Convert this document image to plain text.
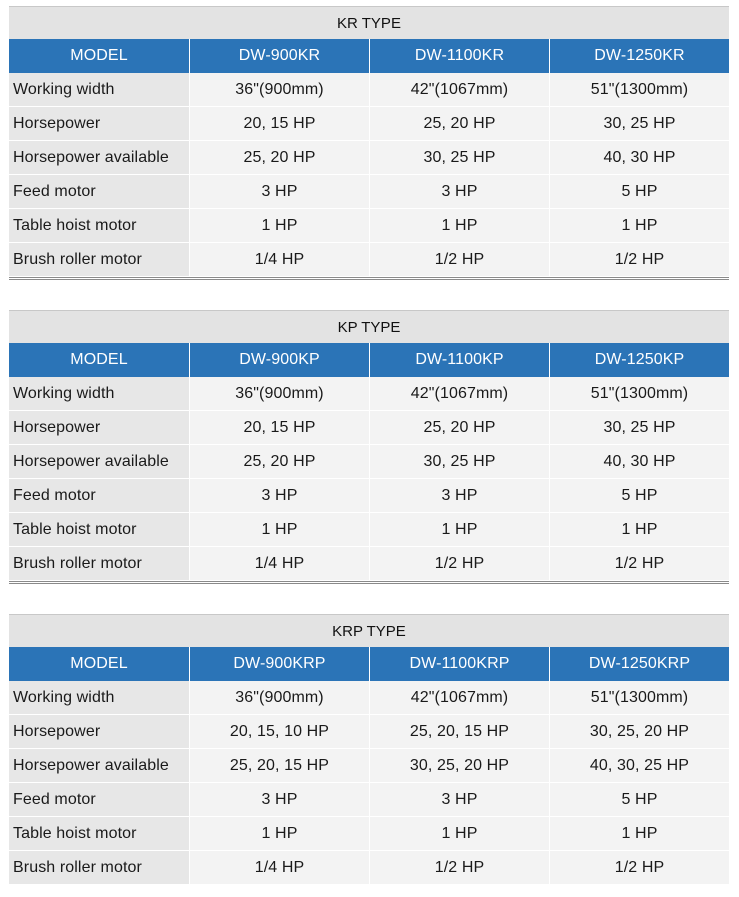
KR TYPE
MODEL	DW-900KR	DW-1100KR	DW-1250KR
Working width	36"(900mm)	42"(1067mm)	51"(1300mm)
Horsepower	20, 15 HP	25, 20 HP	30, 25 HP
Horsepower available	25, 20 HP	30, 25 HP	40, 30 HP
Feed motor	3 HP	3 HP	5 HP
Table hoist motor	1 HP	1 HP	1 HP
Brush roller motor	1/4 HP	1/2 HP	1/2 HP
KP TYPE
MODEL	DW-900KP	DW-1100KP	DW-1250KP
Working width	36"(900mm)	42"(1067mm)	51"(1300mm)
Horsepower	20, 15 HP	25, 20 HP	30, 25 HP
Horsepower available	25, 20 HP	30, 25 HP	40, 30 HP
Feed motor	3 HP	3 HP	5 HP
Table hoist motor	1 HP	1 HP	1 HP
Brush roller motor	1/4 HP	1/2 HP	1/2 HP
KRP TYPE
MODEL	DW-900KRP	DW-1100KRP	DW-1250KRP
Working width	36"(900mm)	42"(1067mm)	51"(1300mm)
Horsepower	20, 15, 10 HP	25, 20, 15 HP	30, 25, 20 HP
Horsepower available	25, 20, 15 HP	30, 25, 20 HP	40, 30, 25 HP
Feed motor	3 HP	3 HP	5 HP
Table hoist motor	1 HP	1 HP	1 HP
Brush roller motor	1/4 HP	1/2 HP	1/2 HP
